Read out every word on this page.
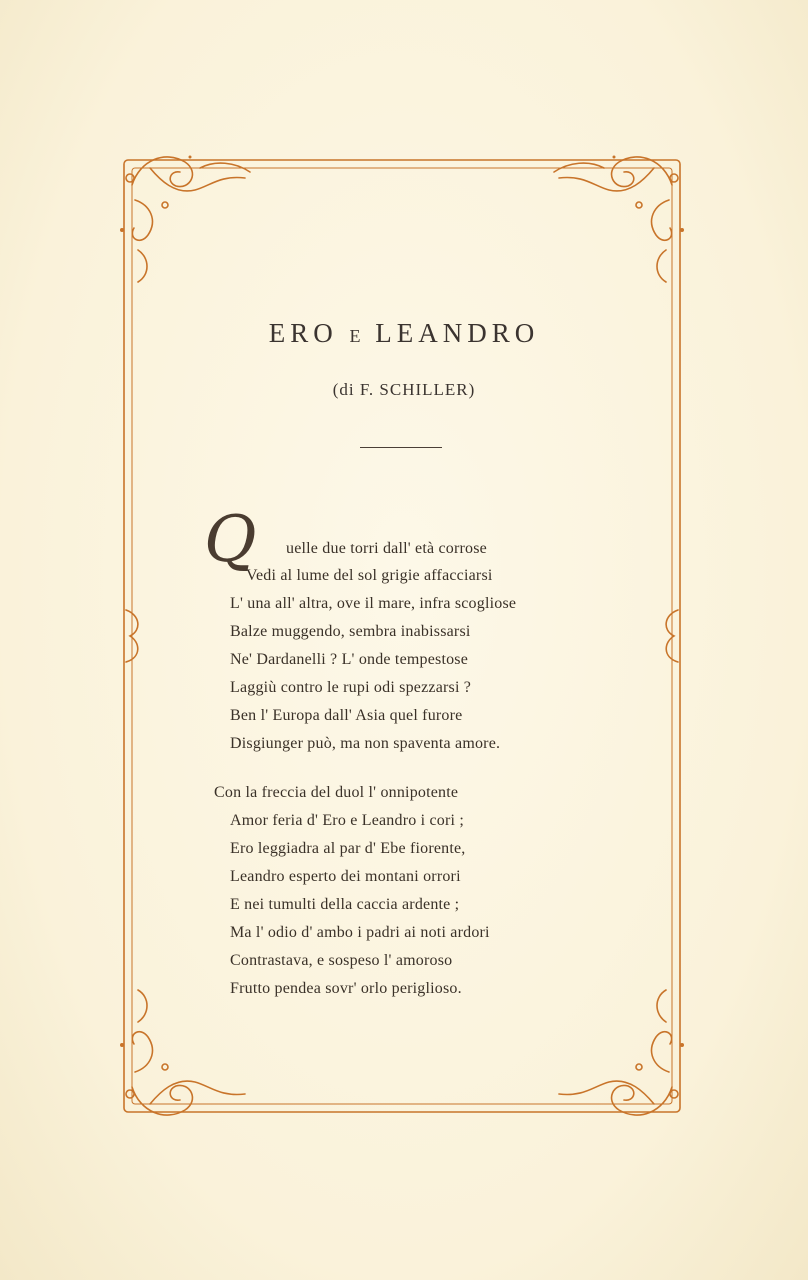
ERO E LEANDRO
(di F. SCHILLER)
Q uelle due torri dall' età corrose
Vedi al lume del sol grigie affacciarsi
L' una all' altra, ove il mare, infra scogliose
Balze muggendo, sembra inabissarsi
Ne' Dardanelli ? L' onde tempestose
Laggiù contro le rupi odi spezzarsi ?
Ben l' Europa dall' Asia quel furore
Disgiunger può, ma non spaventa amore.
Con la freccia del duol l' onnipotente
Amor feria d' Ero e Leandro i cori ;
Ero leggiadra al par d' Ebe fiorente,
Leandro esperto dei montani orrori
E nei tumulti della caccia ardente ;
Ma l' odio d' ambo i padri ai noti ardori
Contrastava, e sospeso l' amoroso
Frutto pendea sovr' orlo periglioso.
